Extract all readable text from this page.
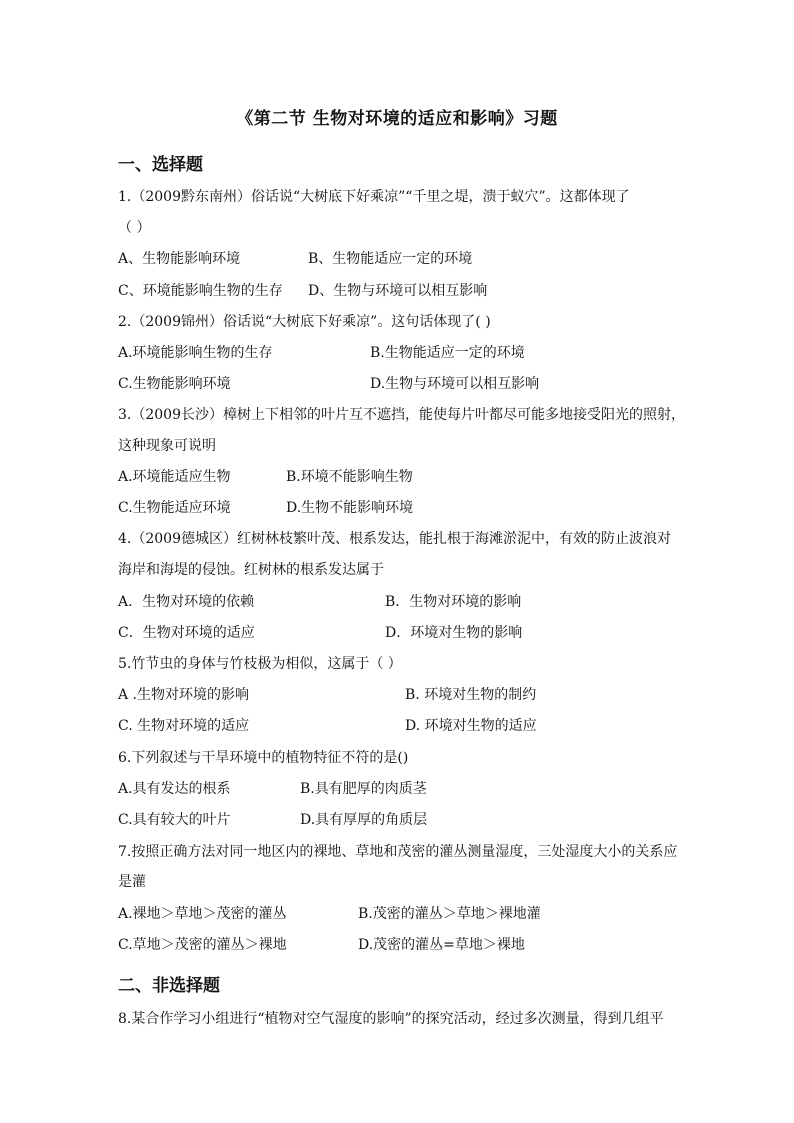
《第二节 生物对环境的适应和影响》习题
一、选择题
1.（2009黔东南州）俗话说“大树底下好乘凉”“千里之堤，溃于蚁穴”。这都体现了
（ ）
A、生物能影响环境	B、生物能适应一定的环境
C、环境能影响生物的生存 D、生物与环境可以相互影响
2.（2009锦州）俗话说“大树底下好乘凉”。这句话体现了( )
A.环境能影响生物的生存	B.生物能适应一定的环境
C.生物能影响环境	D.生物与环境可以相互影响
3.（2009长沙）樟树上下相邻的叶片互不遮挡，能使每片叶都尽可能多地接受阳光的照射，
这种现象可说明
A.环境能适应生物	B.环境不能影响生物
C.生物能适应环境	D.生物不能影响环境
4.（2009德城区）红树林枝繁叶茂、根系发达，能扎根于海滩淤泥中，有效的防止波浪对
海岸和海堤的侵蚀。红树林的根系发达属于
A．生物对环境的依赖	B．生物对环境的影响
C．生物对环境的适应	D．环境对生物的影响
5.竹节虫的身体与竹枝极为相似，这属于（ ）
A .生物对环境的影响	B. 环境对生物的制约
C. 生物对环境的适应	D. 环境对生物的适应
6.下列叙述与干旱环境中的植物特征不符的是()
A.具有发达的根系	B.具有肥厚的肉质茎
C.具有较大的叶片	D.具有厚厚的角质层
7.按照正确方法对同一地区内的裸地、草地和茂密的灌丛测量湿度，三处湿度大小的关系应
是灌
A.裸地＞草地＞茂密的灌丛	B.茂密的灌丛＞草地＞裸地灌
C.草地＞茂密的灌丛＞裸地	D.茂密的灌丛=草地＞裸地
二、非选择题
8.某合作学习小组进行“植物对空气湿度的影响”的探究活动，经过多次测量，得到几组平
